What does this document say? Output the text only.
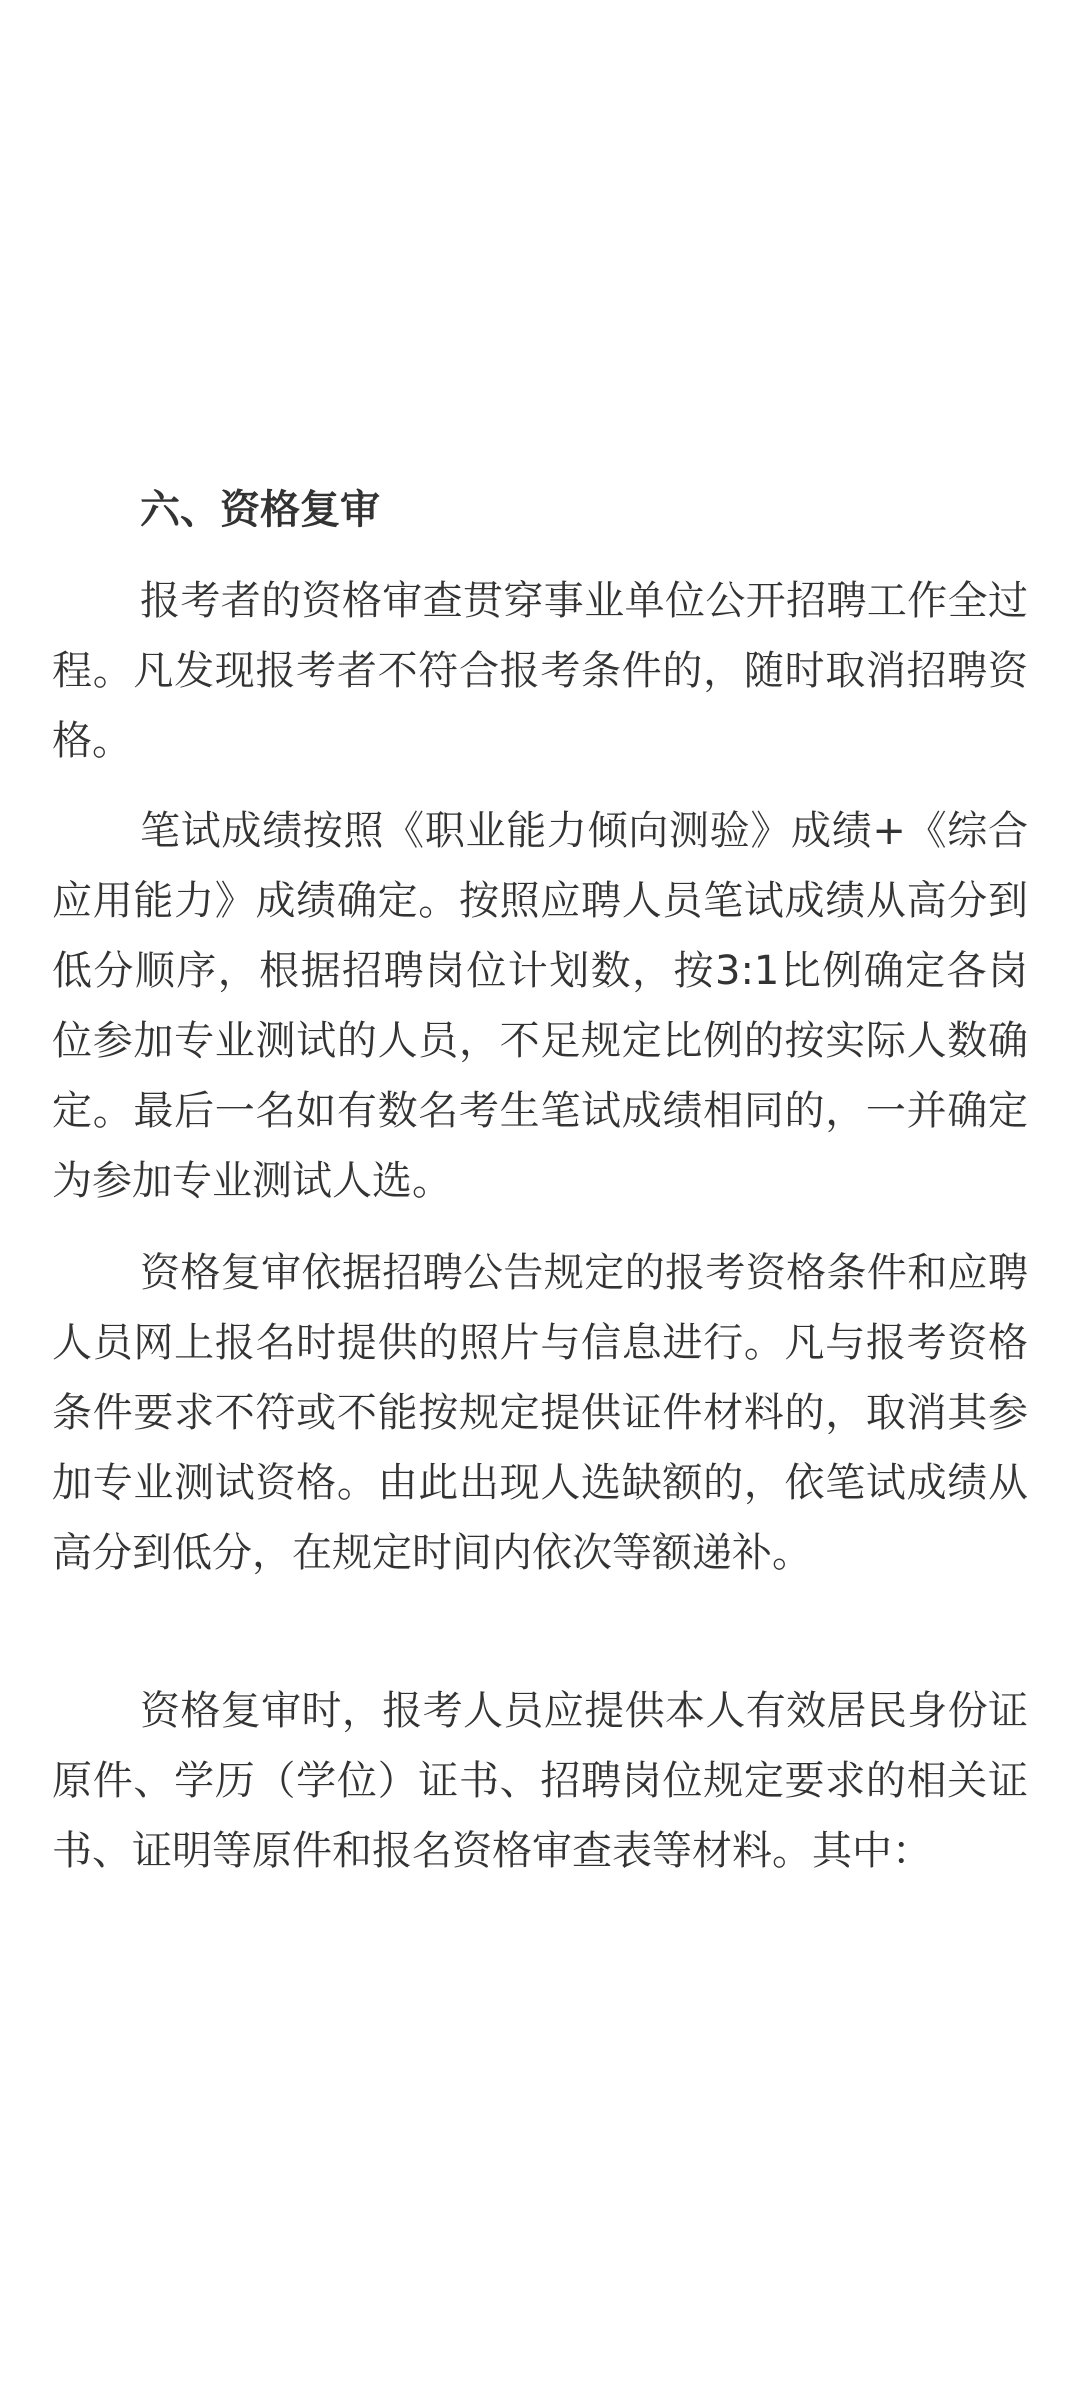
六、资格复审

报考者的资格审查贯穿事业单位公开招聘工作全过程。凡发现报考者不符合报考条件的，随时取消招聘资格。

笔试成绩按照《职业能力倾向测验》成绩+《综合应用能力》成绩确定。按照应聘人员笔试成绩从高分到低分顺序，根据招聘岗位计划数，按3:1比例确定各岗位参加专业测试的人员，不足规定比例的按实际人数确定。最后一名如有数名考生笔试成绩相同的，一并确定为参加专业测试人选。

资格复审依据招聘公告规定的报考资格条件和应聘人员网上报名时提供的照片与信息进行。凡与报考资格条件要求不符或不能按规定提供证件材料的，取消其参加专业测试资格。由此出现人选缺额的，依笔试成绩从高分到低分，在规定时间内依次等额递补。

资格复审时，报考人员应提供本人有效居民身份证原件、学历（学位）证书、招聘岗位规定要求的相关证书、证明等原件和报名资格审查表等材料。其中：
